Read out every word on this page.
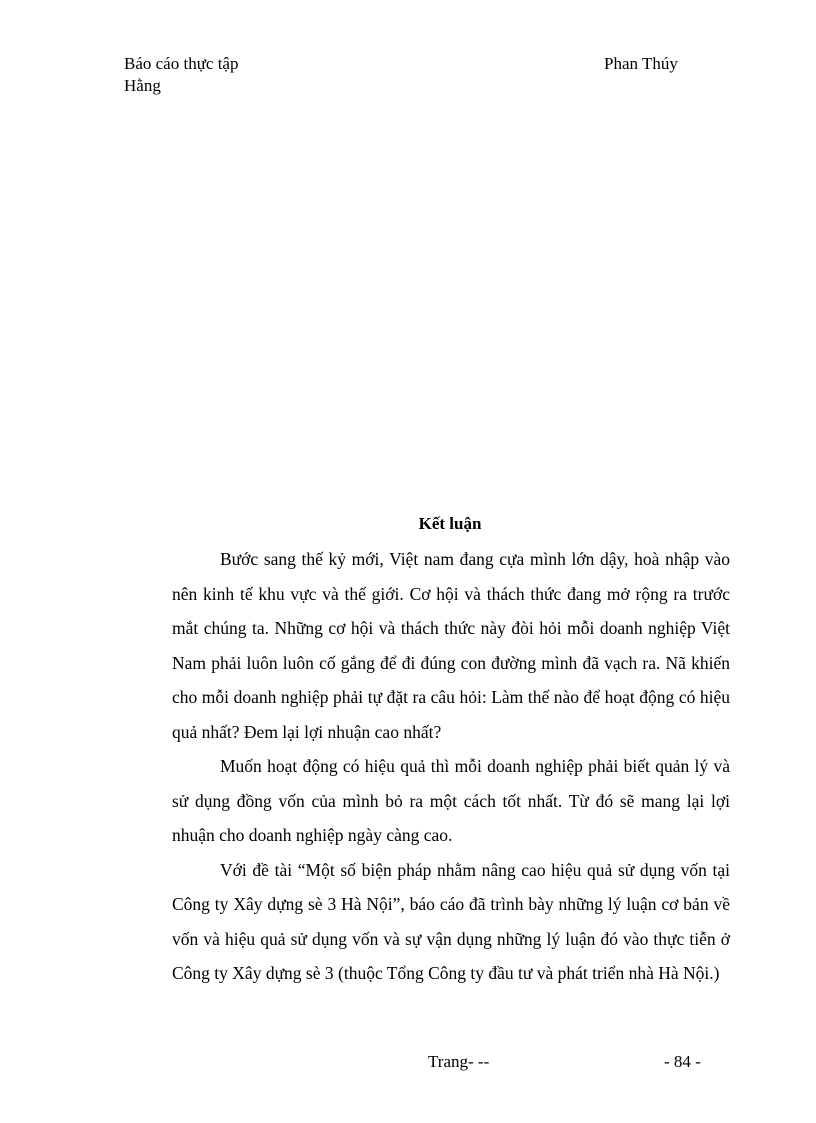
Báo cáo thực tập Hằng
Phan Thúy
Kết luận

Bước sang thế kỷ mới, Việt nam đang cựa mình lớn dậy, hoà nhập vào nên kinh tế khu vực và thế giới. Cơ hội và thách thức đang mở rộng ra trước mắt chúng ta. Những cơ hội và thách thức này đòi hỏi mỗi doanh nghiệp Việt Nam phải luôn luôn cố gắng để đi đúng con đường mình đã vạch ra. Nã khiến cho mỗi doanh nghiệp phải tự đặt ra câu hỏi: Làm thế nào để hoạt động có hiệu quả nhất? Đem lại lợi nhuận cao nhất?

Muốn hoạt động có hiệu quả thì mỗi doanh nghiệp phải biết quản lý và sử dụng đồng vốn của mình bỏ ra một cách tốt nhất. Từ đó sẽ mang lại lợi nhuận cho doanh nghiệp ngày càng cao.

Với đề tài “Một số biện pháp nhằm nâng cao hiệu quả sử dụng vốn tại Công ty Xây dựng sè 3 Hà Nội”, báo cáo đã trình bày những lý luận cơ bản về vốn và hiệu quả sử dụng vốn và sự vận dụng những lý luận đó vào thực tiễn ở Công ty Xây dựng sè 3 (thuộc Tổng Công ty đầu tư và phát triển nhà Hà Nội.)

Trang- --	- 84 -
